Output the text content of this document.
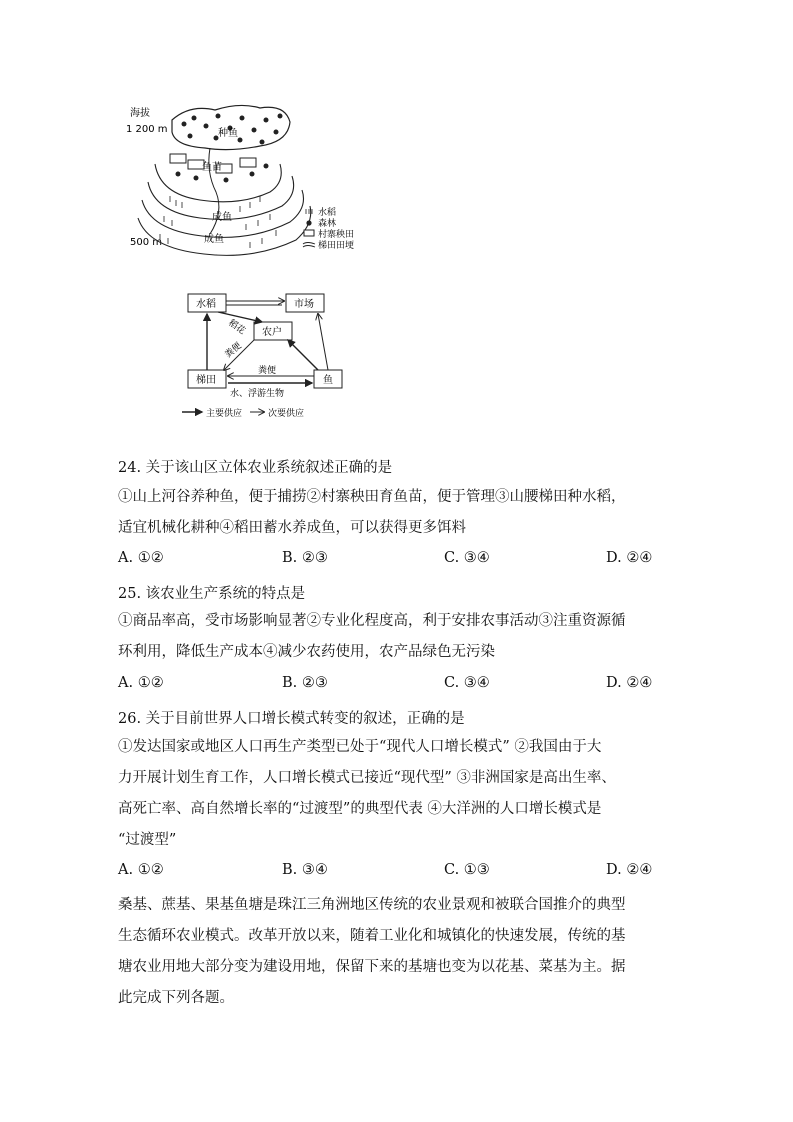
海拔
1 200 m
500 m
种鱼
鱼苗
成鱼
成鱼
水稻
森林
村寨秧田
梯田田埂
水稻	市场
农户
梯田	鱼
稻花
粪便
粪便
水、浮游生物
主要供应	次要供应
24. 关于该山区立体农业系统叙述正确的是
①山上河谷养种鱼，便于捕捞②村寨秧田育鱼苗，便于管理③山腰梯田种水稻，
适宜机械化耕种④稻田蓄水养成鱼，可以获得更多饵料
A. ①②	B. ②③	C. ③④	D. ②④
25. 该农业生产系统的特点是
①商品率高，受市场影响显著②专业化程度高，利于安排农事活动③注重资源循
环利用，降低生产成本④减少农药使用，农产品绿色无污染
A. ①②	B. ②③	C. ③④	D. ②④
26. 关于目前世界人口增长模式转变的叙述，正确的是
①发达国家或地区人口再生产类型已处于“现代人口增长模式” ②我国由于大
力开展计划生育工作，人口增长模式已接近“现代型” ③非洲国家是高出生率、
高死亡率、高自然增长率的“过渡型”的典型代表 ④大洋洲的人口增长模式是
“过渡型”
A. ①②	B. ③④	C. ①③	D. ②④
桑基、蔗基、果基鱼塘是珠江三角洲地区传统的农业景观和被联合国推介的典型
生态循环农业模式。改革开放以来，随着工业化和城镇化的快速发展，传统的基
塘农业用地大部分变为建设用地，保留下来的基塘也变为以花基、菜基为主。据
此完成下列各题。
